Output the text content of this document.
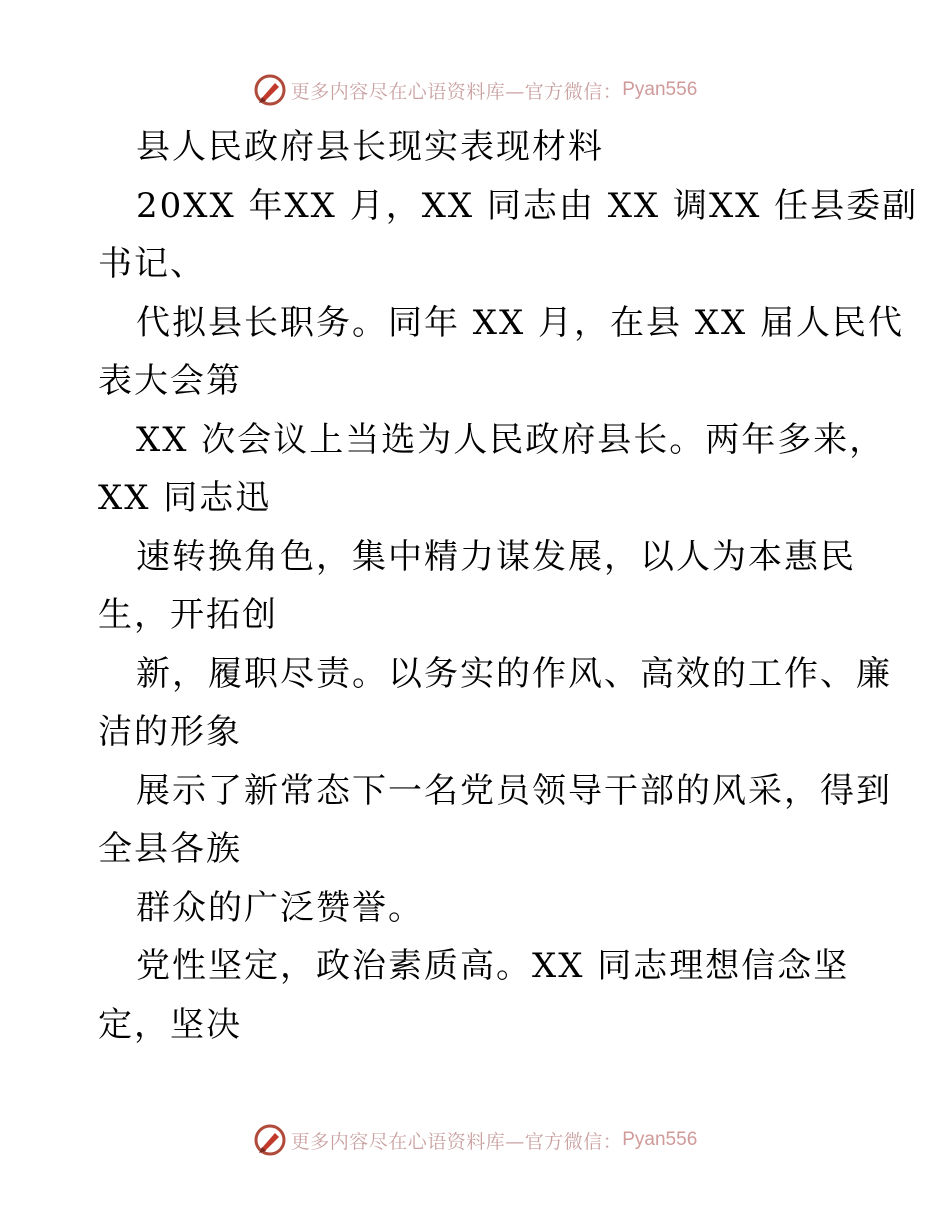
更多内容尽在心语资料库—官方微信： Pyan556
县人民政府县长现实表现材料
20XX 年XX 月，XX 同志由 XX 调XX 任县委副
书记、
代拟县长职务。同年 XX 月，在县 XX 届人民代
表大会第
XX 次会议上当选为人民政府县长。两年多来，
XX 同志迅
速转换角色，集中精力谋发展，以人为本惠民
生，开拓创
新，履职尽责。以务实的作风、高效的工作、廉
洁的形象
展示了新常态下一名党员领导干部的风采，得到
全县各族
群众的广泛赞誉。
党性坚定，政治素质高。XX 同志理想信念坚
定，坚决
更多内容尽在心语资料库—官方微信： Pyan556
